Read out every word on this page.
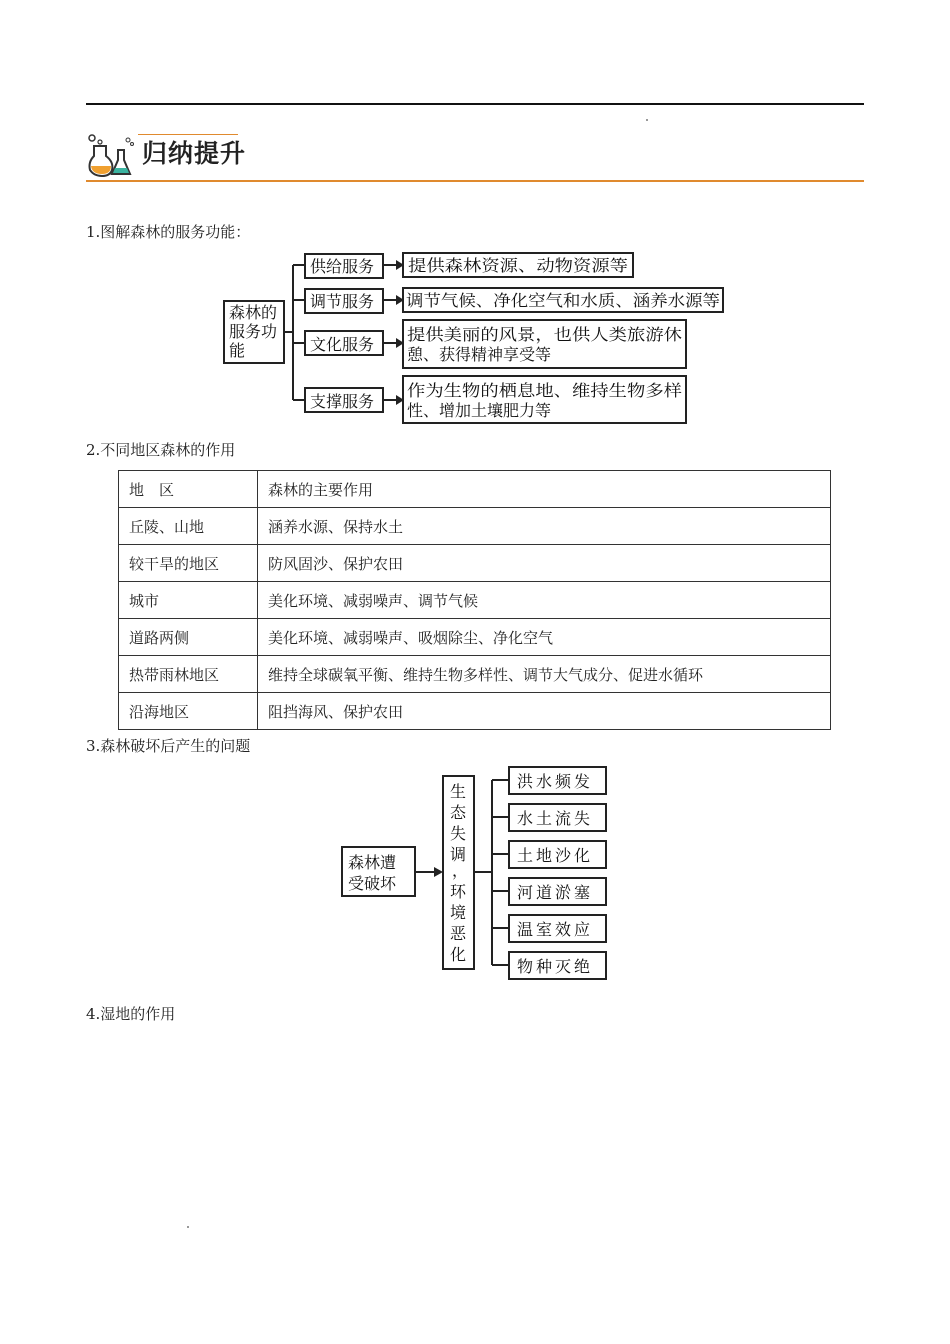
归纳提升
1.图解森林的服务功能：
森林的
服务功
能
供给服务
调节服务
文化服务
支撑服务
提供森林资源、动物资源等
调节气候、净化空气和水质、涵养水源等
提供美丽的风景，也供人类旅游休
憩、获得精神享受等
作为生物的栖息地、维持生物多样
性、增加土壤肥力等
2.不同地区森林的作用
地　区	森林的主要作用
丘陵、山地	涵养水源、保持水土
较干旱的地区	防风固沙、保护农田
城市	美化环境、减弱噪声、调节气候
道路两侧	美化环境、减弱噪声、吸烟除尘、净化空气
热带雨林地区	维持全球碳氧平衡、维持生物多样性、调节大气成分、促进水循环
沿海地区	阻挡海风、保护农田
3.森林破坏后产生的问题
森林遭
受破坏
生
态
失
调
，
环
境
恶
化
洪水频发
水土流失
土地沙化
河道淤塞
温室效应
物种灭绝
4.湿地的作用
